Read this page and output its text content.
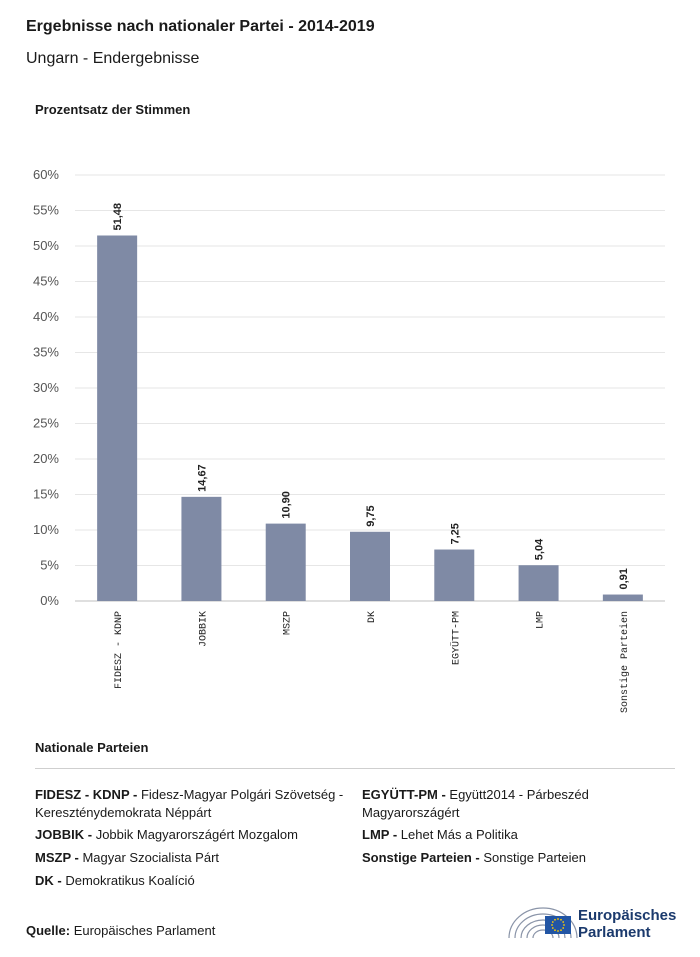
Ergebnisse nach nationaler Partei - 2014-2019
Ungarn - Endergebnisse
Prozentsatz der Stimmen
0%
5%
10%
15%
20%
25%
30%
35%
40%
45%
50%
55%
60%
51,48
FIDESZ - KDNP
14,67
JOBBIK
10,90
MSZP
9,75
DK
7,25
EGYÜTT-PM
5,04
LMP
0,91
Sonstige Parteien
Nationale Parteien
FIDESZ - KDNP - Fidesz-Magyar Polgári Szövetség - Kereszténydemokrata Néppárt
JOBBIK - Jobbik Magyarországért Mozgalom
MSZP - Magyar Szocialista Párt
DK - Demokratikus Koalíció
EGYÜTT-PM - Együtt2014 - Párbeszéd Magyarországért
LMP - Lehet Más a Politika
Sonstige Parteien - Sonstige Parteien
Quelle: Europäisches Parlament
Europäisches
Parlament
